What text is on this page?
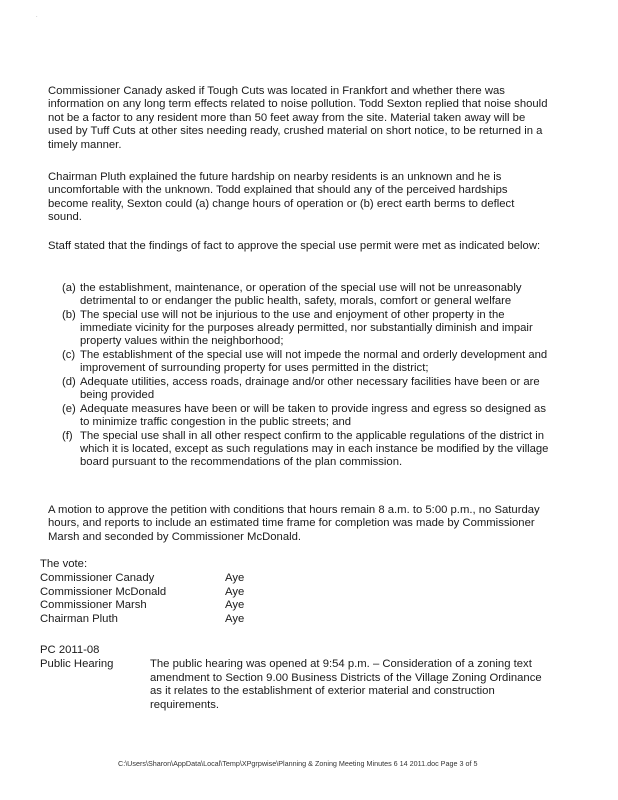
·

Commissioner Canady asked if Tough Cuts was located in Frankfort and whether there was information on any long term effects related to noise pollution. Todd Sexton replied that noise should not be a factor to any resident more than 50 feet away from the site. Material taken away will be used by Tuff Cuts at other sites needing ready, crushed material on short notice, to be returned in a timely manner.

Chairman Pluth explained the future hardship on nearby residents is an unknown and he is uncomfortable with the unknown. Todd explained that should any of the perceived hardships become reality, Sexton could (a) change hours of operation or (b) erect earth berms to deflect sound.

Staff stated that the findings of fact to approve the special use permit were met as indicated below:

(a) the establishment, maintenance, or operation of the special use will not be unreasonably detrimental to or endanger the public health, safety, morals, comfort or general welfare
(b) The special use will not be injurious to the use and enjoyment of other property in the immediate vicinity for the purposes already permitted, nor substantially diminish and impair property values within the neighborhood;
(c) The establishment of the special use will not impede the normal and orderly development and improvement of surrounding property for uses permitted in the district;
(d) Adequate utilities, access roads, drainage and/or other necessary facilities have been or are being provided
(e) Adequate measures have been or will be taken to provide ingress and egress so designed as to minimize traffic congestion in the public streets; and
(f) The special use shall in all other respect confirm to the applicable regulations of the district in which it is located, except as such regulations may in each instance be modified by the village board pursuant to the recommendations of the plan commission.

A motion to approve the petition with conditions that hours remain 8 a.m. to 5:00 p.m., no Saturday hours, and reports to include an estimated time frame for completion was made by Commissioner Marsh and seconded by Commissioner McDonald.

The vote:
Commissioner Canady	Aye
Commissioner McDonald	Aye
Commissioner Marsh	Aye
Chairman Pluth	Aye
PC 2011-08
Public Hearing	The public hearing was opened at 9:54 p.m. – Consideration of a zoning text amendment to Section 9.00 Business Districts of the Village Zoning Ordinance as it relates to the establishment of exterior material and construction requirements.

C:\Users\Sharon\AppData\Local\Temp\XPgrpwise\Planning & Zoning Meeting Minutes 6 14 2011.doc Page 3 of 5
